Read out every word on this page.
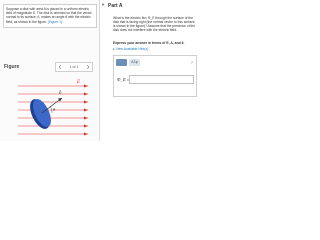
Suppose a disk with area A is placed in a uniform electric field of magnitude E. The disk is oriented so that the vector normal to its surface, n̂, makes an angle θ with the electric field, as shown in the figure. (Figure 1)
Figure	❮	1 of 1	❯
n̂
θ
E
▼ Part A
What is the electric flux Φ_E through the surface of the disk that is facing right (the normal vector to this surface is shown in the figure)? Assume that the presence of the disk does not interfere with the electric field.
Express your answer in terms of E, A, and θ.
▸ View Available Hint(s)
ΑΣφ	?
Φ_E =
